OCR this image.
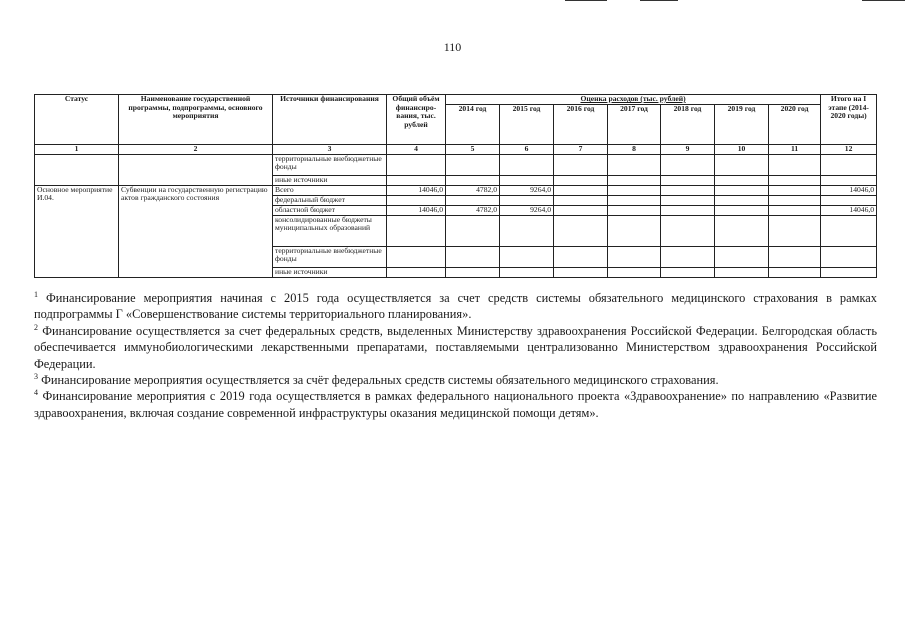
110
Статус	Наименование государственной программы, подпрограммы, основного мероприятия	Источники финансирования	Общий объём финансиро-вания, тыс. рублей	Оценка расходов (тыс. рублей)							Итого на I этапе (2014-2020 годы)
				2014 год	2015 год	2016 год	2017 год	2018 год	2019 год	2020 год	
1	2	3	4	5	6	7	8	9	10	11	12
		территориальные внебюджетные фонды									
		иные источники									
Основное мероприятие И.04.	Субвенции на государственную регистрацию актов гражданского состояния	Всего	14046,0	4782,0	9264,0						14046,0
		федеральный бюджет									
		областной бюджет	14046,0	4782,0	9264,0						14046,0
		консолидированные бюджеты муниципальных образований									
		территориальные внебюджетные фонды									
		иные источники									

$^1$ Финансирование мероприятия начиная с 2015 года осуществляется за счет средств системы обязательного медицинского страхования в рамках подпрограммы Г «Совершенствование системы территориального планирования».

$^2$ Финансирование осуществляется за счет федеральных средств, выделенных Министерству здравоохранения Российской Федерации. Белгородская область обеспечивается иммунобиологическими лекарственными препаратами, поставляемыми централизованно Министерством здравоохранения Российской Федерации.

$^3$ Финансирование мероприятия осуществляется за счёт федеральных средств системы обязательного медицинского страхования.

$^4$ Финансирование мероприятия с 2019 года осуществляется в рамках федерального национального проекта «Здравоохранение» по направлению «Развитие здравоохранения, включая создание современной инфраструктуры оказания медицинской помощи детям».
